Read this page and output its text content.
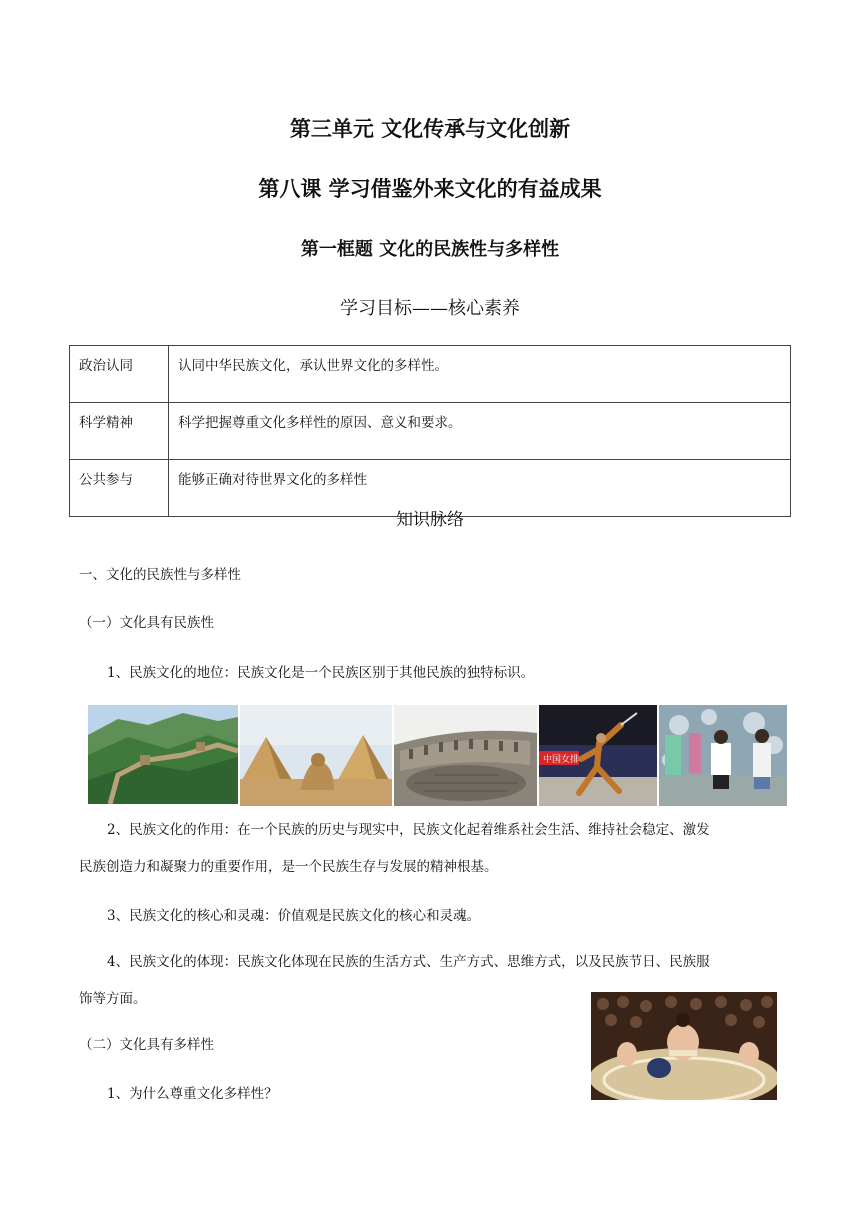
第三单元 文化传承与文化创新
第八课 学习借鉴外来文化的有益成果
第一框题 文化的民族性与多样性
学习目标——核心素养
政治认同	认同中华民族文化，承认世界文化的多样性。
科学精神	科学把握尊重文化多样性的原因、意义和要求。
公共参与	能够正确对待世界文化的多样性
知识脉络
一、文化的民族性与多样性
（一）文化具有民族性
1、民族文化的地位：民族文化是一个民族区别于其他民族的独特标识。
中国女排
2、民族文化的作用：在一个民族的历史与现实中，民族文化起着维系社会生活、维持社会稳定、激发
民族创造力和凝聚力的重要作用，是一个民族生存与发展的精神根基。
3、民族文化的核心和灵魂：价值观是民族文化的核心和灵魂。
4、民族文化的体现：民族文化体现在民族的生活方式、生产方式、思维方式，以及民族节日、民族服
饰等方面。
（二）文化具有多样性
1、为什么尊重文化多样性？
